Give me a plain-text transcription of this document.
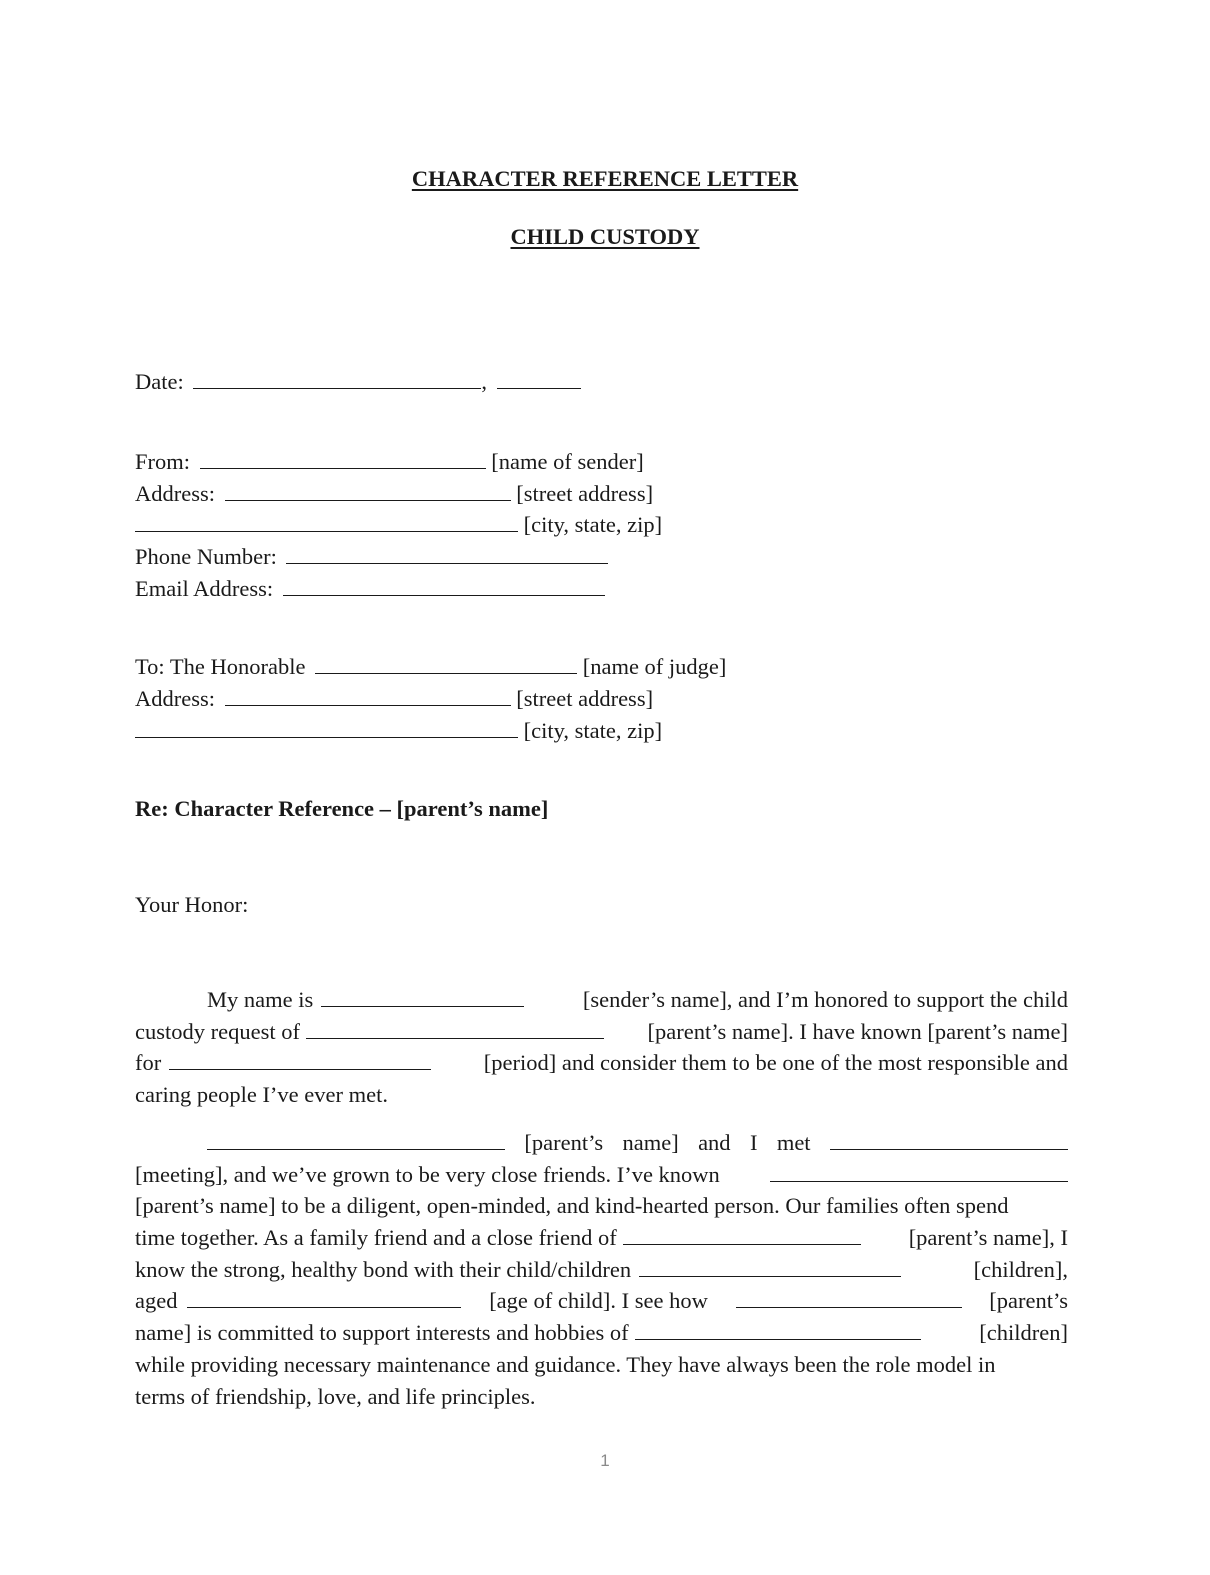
CHARACTER REFERENCE LETTER
CHILD CUSTODY
Date:	,
From:	[name of sender]
Address:	[street address]
[city, state, zip]
Phone Number:
Email Address:
To: The Honorable	[name of judge]
Address:	[street address]
[city, state, zip]
Re: Character Reference – [parent’s name]
Your Honor:
My name is	[sender’s name], and I’m honored to support the child
custody request of	[parent’s name]. I have known [parent’s name]
for	[period] and consider them to be one of the most responsible and
caring people I’ve ever met.
[parent’s name] and I met
[meeting], and we’ve grown to be very close friends. I’ve known
[parent’s name] to be a diligent, open-minded, and kind-hearted person. Our families often spend
time together. As a family friend and a close friend of	[parent’s name], I
know the strong, healthy bond with their child/children	[children],
aged	[age of child]. I see how	[parent’s
name] is committed to support interests and hobbies of	[children]
while providing necessary maintenance and guidance. They have always been the role model in
terms of friendship, love, and life principles.
1
